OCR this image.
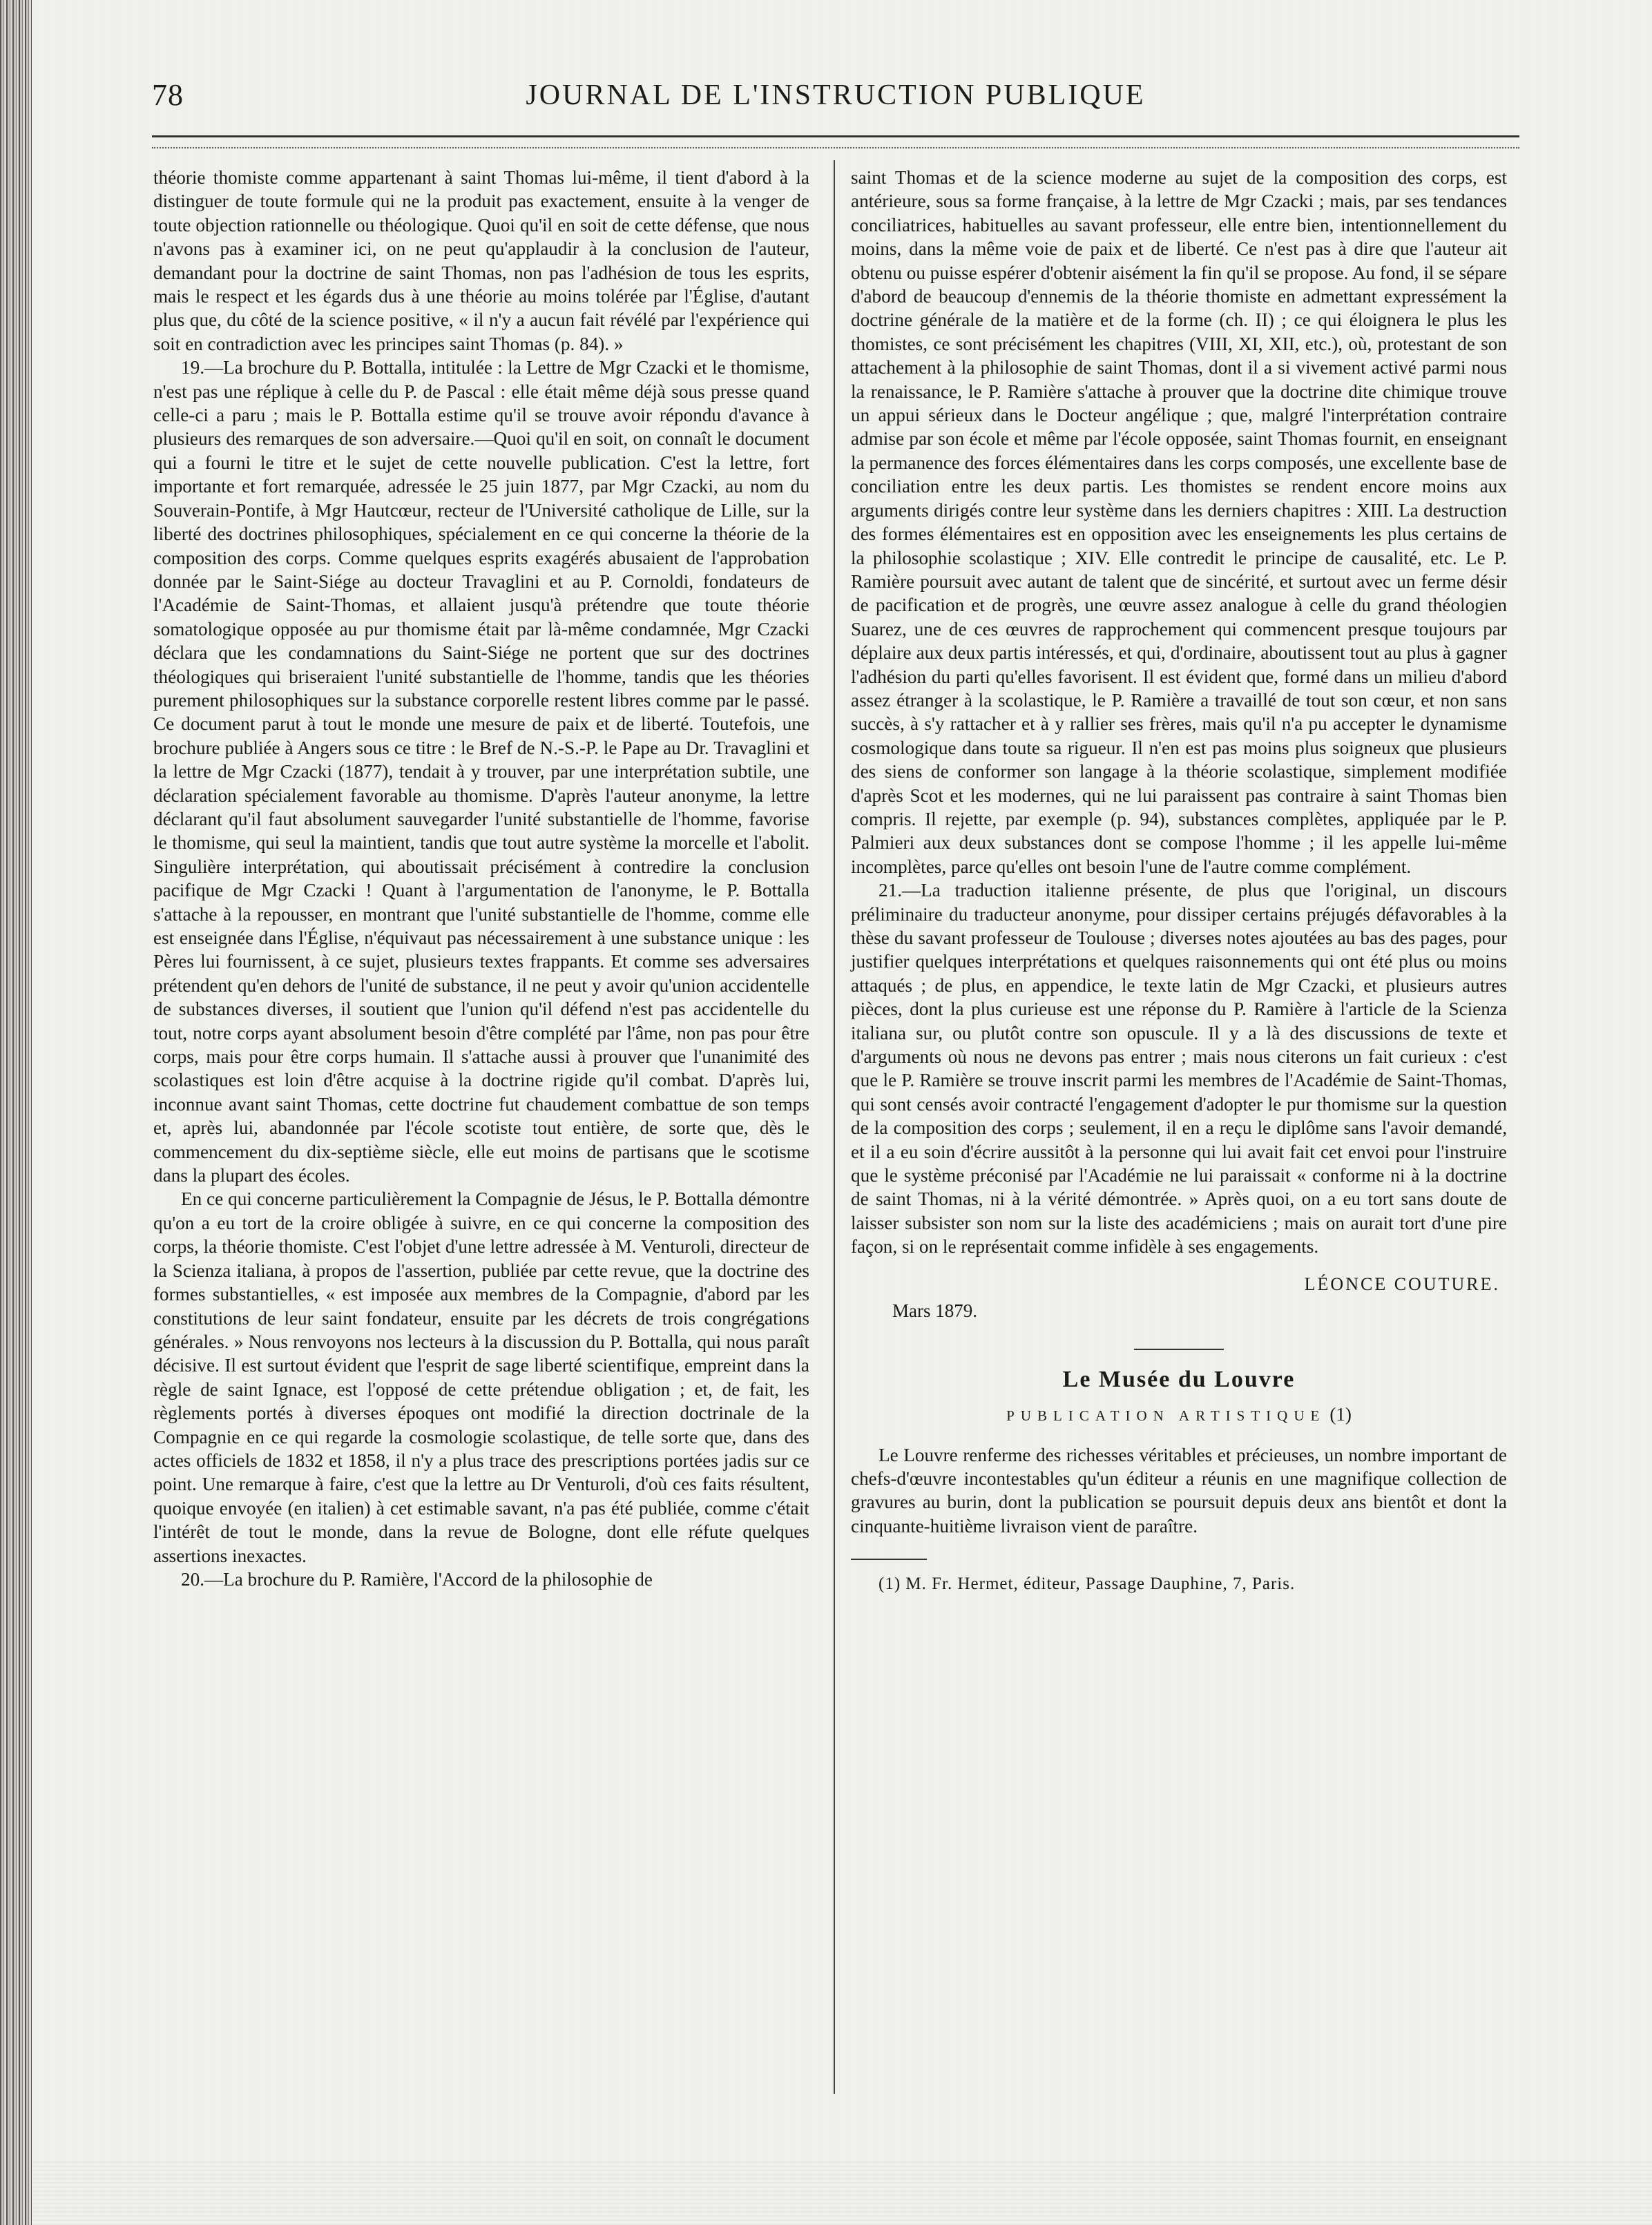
78	JOURNAL DE L'INSTRUCTION PUBLIQUE

théorie thomiste comme appartenant à saint Thomas lui-même, il tient d'abord à la distinguer de toute formule qui ne la produit pas exactement, ensuite à la venger de toute objection rationnelle ou théologique. Quoi qu'il en soit de cette défense, que nous n'avons pas à examiner ici, on ne peut qu'applaudir à la conclusion de l'auteur, demandant pour la doctrine de saint Thomas, non pas l'adhésion de tous les esprits, mais le respect et les égards dus à une théorie au moins tolérée par l'Église, d'autant plus que, du côté de la science positive, « il n'y a aucun fait révélé par l'expérience qui soit en contradiction avec les principes saint Thomas (p. 84). »

19.—La brochure du P. Bottalla, intitulée : la Lettre de Mgr Czacki et le thomisme, n'est pas une réplique à celle du P. de Pascal : elle était même déjà sous presse quand celle-ci a paru ; mais le P. Bottalla estime qu'il se trouve avoir répondu d'avance à plusieurs des remarques de son adversaire.—Quoi qu'il en soit, on connaît le document qui a fourni le titre et le sujet de cette nouvelle publication. C'est la lettre, fort importante et fort remarquée, adressée le 25 juin 1877, par Mgr Czacki, au nom du Souverain-Pontife, à Mgr Hautcœur, recteur de l'Université catholique de Lille, sur la liberté des doctrines philosophiques, spécialement en ce qui concerne la théorie de la composition des corps. Comme quelques esprits exagérés abusaient de l'approbation donnée par le Saint-Siége au docteur Travaglini et au P. Cornoldi, fondateurs de l'Académie de Saint-Thomas, et allaient jusqu'à prétendre que toute théorie somatologique opposée au pur thomisme était par là-même condamnée, Mgr Czacki déclara que les condamnations du Saint-Siége ne portent que sur des doctrines théologiques qui briseraient l'unité substantielle de l'homme, tandis que les théories purement philosophiques sur la substance corporelle restent libres comme par le passé. Ce document parut à tout le monde une mesure de paix et de liberté. Toutefois, une brochure publiée à Angers sous ce titre : le Bref de N.-S.-P. le Pape au Dr. Travaglini et la lettre de Mgr Czacki (1877), tendait à y trouver, par une interprétation subtile, une déclaration spécialement favorable au thomisme. D'après l'auteur anonyme, la lettre déclarant qu'il faut absolument sauvegarder l'unité substantielle de l'homme, favorise le thomisme, qui seul la maintient, tandis que tout autre système la morcelle et l'abolit. Singulière interprétation, qui aboutissait précisément à contredire la conclusion pacifique de Mgr Czacki ! Quant à l'argumentation de l'anonyme, le P. Bottalla s'attache à la repousser, en montrant que l'unité substantielle de l'homme, comme elle est enseignée dans l'Église, n'équivaut pas nécessairement à une substance unique : les Pères lui fournissent, à ce sujet, plusieurs textes frappants. Et comme ses adversaires prétendent qu'en dehors de l'unité de substance, il ne peut y avoir qu'union accidentelle de substances diverses, il soutient que l'union qu'il défend n'est pas accidentelle du tout, notre corps ayant absolument besoin d'être complété par l'âme, non pas pour être corps, mais pour être corps humain. Il s'attache aussi à prouver que l'unanimité des scolastiques est loin d'être acquise à la doctrine rigide qu'il combat. D'après lui, inconnue avant saint Thomas, cette doctrine fut chaudement combattue de son temps et, après lui, abandonnée par l'école scotiste tout entière, de sorte que, dès le commencement du dix-septième siècle, elle eut moins de partisans que le scotisme dans la plupart des écoles.

En ce qui concerne particulièrement la Compagnie de Jésus, le P. Bottalla démontre qu'on a eu tort de la croire obligée à suivre, en ce qui concerne la composition des corps, la théorie thomiste. C'est l'objet d'une lettre adressée à M. Venturoli, directeur de la Scienza italiana, à propos de l'assertion, publiée par cette revue, que la doctrine des formes substantielles, « est imposée aux membres de la Compagnie, d'abord par les constitutions de leur saint fondateur, ensuite par les décrets de trois congrégations générales. » Nous renvoyons nos lecteurs à la discussion du P. Bottalla, qui nous paraît décisive. Il est surtout évident que l'esprit de sage liberté scientifique, empreint dans la règle de saint Ignace, est l'opposé de cette prétendue obligation ; et, de fait, les règlements portés à diverses époques ont modifié la direction doctrinale de la Compagnie en ce qui regarde la cosmologie scolastique, de telle sorte que, dans des actes officiels de 1832 et 1858, il n'y a plus trace des prescriptions portées jadis sur ce point. Une remarque à faire, c'est que la lettre au Dr Venturoli, d'où ces faits résultent, quoique envoyée (en italien) à cet estimable savant, n'a pas été publiée, comme c'était l'intérêt de tout le monde, dans la revue de Bologne, dont elle réfute quelques assertions inexactes.

20.—La brochure du P. Ramière, l'Accord de la philosophie de

saint Thomas et de la science moderne au sujet de la composition des corps, est antérieure, sous sa forme française, à la lettre de Mgr Czacki ; mais, par ses tendances conciliatrices, habituelles au savant professeur, elle entre bien, intentionnellement du moins, dans la même voie de paix et de liberté. Ce n'est pas à dire que l'auteur ait obtenu ou puisse espérer d'obtenir aisément la fin qu'il se propose. Au fond, il se sépare d'abord de beaucoup d'ennemis de la théorie thomiste en admettant expressément la doctrine générale de la matière et de la forme (ch. II) ; ce qui éloignera le plus les thomistes, ce sont précisément les chapitres (VIII, XI, XII, etc.), où, protestant de son attachement à la philosophie de saint Thomas, dont il a si vivement activé parmi nous la renaissance, le P. Ramière s'attache à prouver que la doctrine dite chimique trouve un appui sérieux dans le Docteur angélique ; que, malgré l'interprétation contraire admise par son école et même par l'école opposée, saint Thomas fournit, en enseignant la permanence des forces élémentaires dans les corps composés, une excellente base de conciliation entre les deux partis. Les thomistes se rendent encore moins aux arguments dirigés contre leur système dans les derniers chapitres : XIII. La destruction des formes élémentaires est en opposition avec les enseignements les plus certains de la philosophie scolastique ; XIV. Elle contredit le principe de causalité, etc. Le P. Ramière poursuit avec autant de talent que de sincérité, et surtout avec un ferme désir de pacification et de progrès, une œuvre assez analogue à celle du grand théologien Suarez, une de ces œuvres de rapprochement qui commencent presque toujours par déplaire aux deux partis intéressés, et qui, d'ordinaire, aboutissent tout au plus à gagner l'adhésion du parti qu'elles favorisent. Il est évident que, formé dans un milieu d'abord assez étranger à la scolastique, le P. Ramière a travaillé de tout son cœur, et non sans succès, à s'y rattacher et à y rallier ses frères, mais qu'il n'a pu accepter le dynamisme cosmologique dans toute sa rigueur. Il n'en est pas moins plus soigneux que plusieurs des siens de conformer son langage à la théorie scolastique, simplement modifiée d'après Scot et les modernes, qui ne lui paraissent pas contraire à saint Thomas bien compris. Il rejette, par exemple (p. 94), substances complètes, appliquée par le P. Palmieri aux deux substances dont se compose l'homme ; il les appelle lui-même incomplètes, parce qu'elles ont besoin l'une de l'autre comme complément.

21.—La traduction italienne présente, de plus que l'original, un discours préliminaire du traducteur anonyme, pour dissiper certains préjugés défavorables à la thèse du savant professeur de Toulouse ; diverses notes ajoutées au bas des pages, pour justifier quelques interprétations et quelques raisonnements qui ont été plus ou moins attaqués ; de plus, en appendice, le texte latin de Mgr Czacki, et plusieurs autres pièces, dont la plus curieuse est une réponse du P. Ramière à l'article de la Scienza italiana sur, ou plutôt contre son opuscule. Il y a là des discussions de texte et d'arguments où nous ne devons pas entrer ; mais nous citerons un fait curieux : c'est que le P. Ramière se trouve inscrit parmi les membres de l'Académie de Saint-Thomas, qui sont censés avoir contracté l'engagement d'adopter le pur thomisme sur la question de la composition des corps ; seulement, il en a reçu le diplôme sans l'avoir demandé, et il a eu soin d'écrire aussitôt à la personne qui lui avait fait cet envoi pour l'instruire que le système préconisé par l'Académie ne lui paraissait « conforme ni à la doctrine de saint Thomas, ni à la vérité démontrée. » Après quoi, on a eu tort sans doute de laisser subsister son nom sur la liste des académiciens ; mais on aurait tort d'une pire façon, si on le représentait comme infidèle à ses engagements.

LÉONCE COUTURE.
Mars 1879.
Le Musée du Louvre
PUBLICATION ARTISTIQUE (1)

Le Louvre renferme des richesses véritables et précieuses, un nombre important de chefs-d'œuvre incontestables qu'un éditeur a réunis en une magnifique collection de gravures au burin, dont la publication se poursuit depuis deux ans bientôt et dont la cinquante-huitième livraison vient de paraître.

(1) M. Fr. Hermet, éditeur, Passage Dauphine, 7, Paris.
